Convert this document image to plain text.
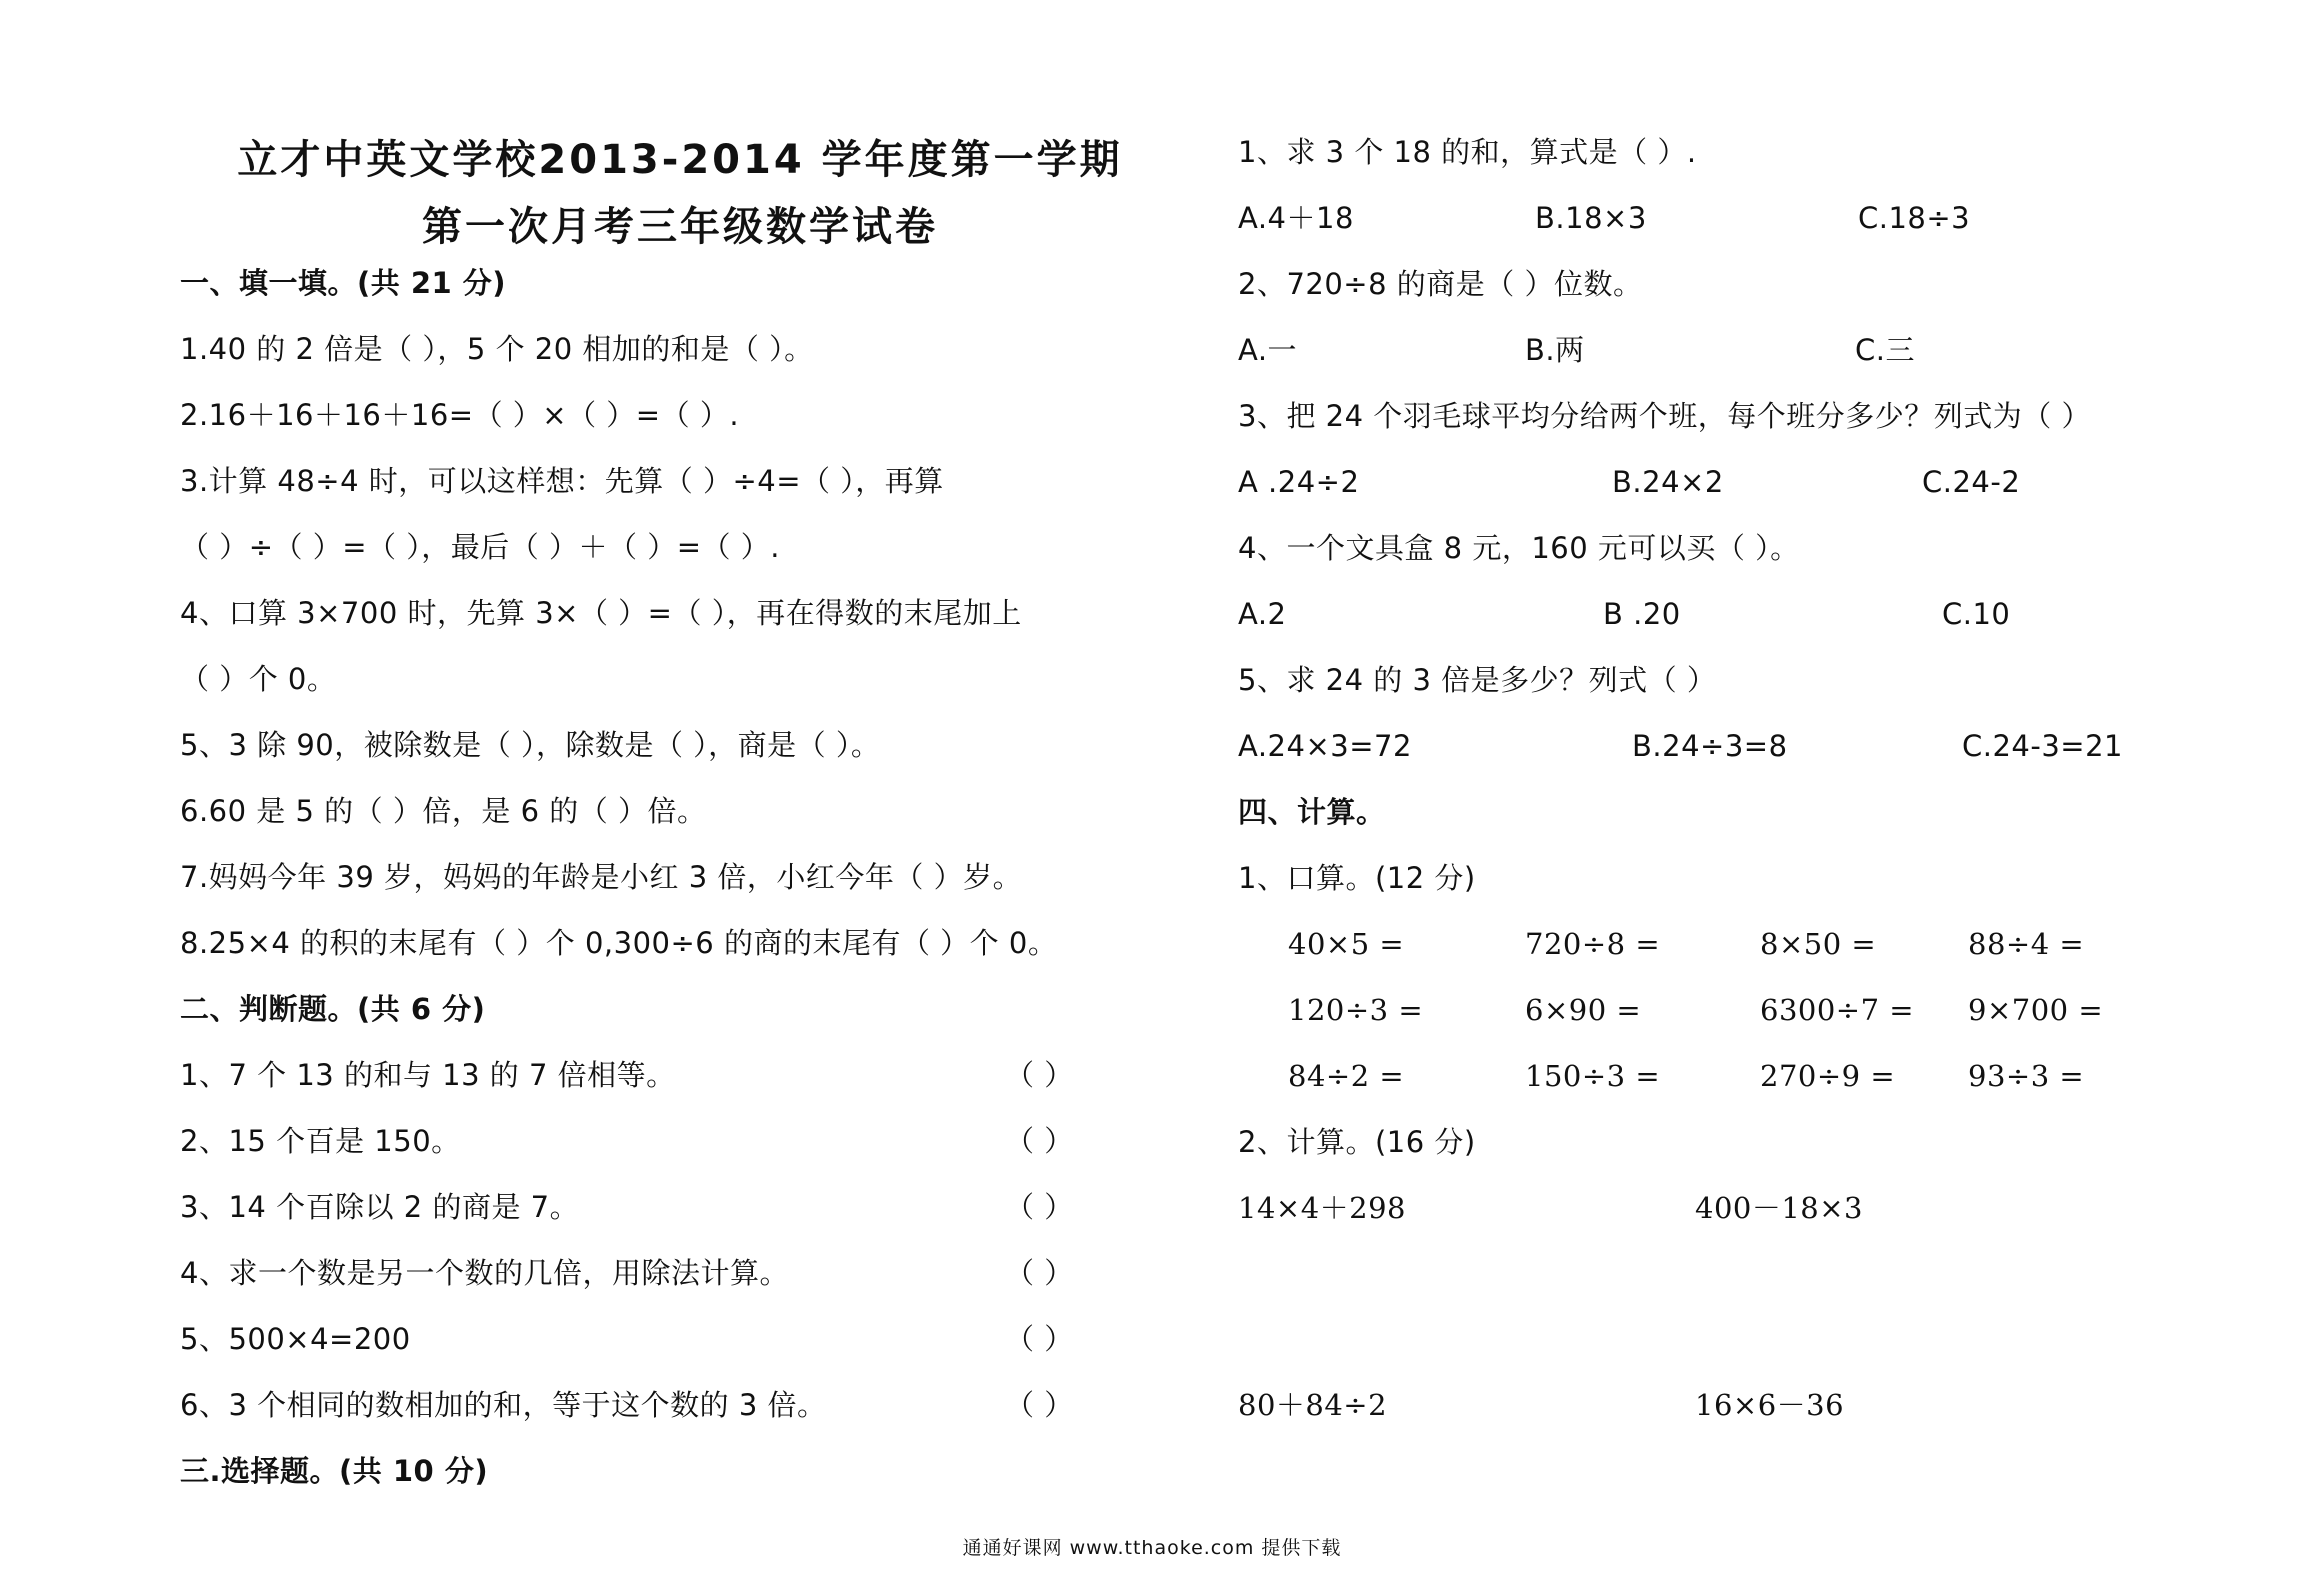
立才中英文学校2013-2014 学年度第一学期
第一次月考三年级数学试卷
一、填一填。(共 21 分)
1.40 的 2 倍是（ ），5 个 20 相加的和是（ ）。
2.16＋16＋16＋16=（ ）×（ ）=（ ）.
3.计算 48÷4 时，可以这样想：先算（ ）÷4=（ ），再算
（ ）÷（ ）=（ ），最后（ ）＋（ ）=（ ）.
4、口算 3×700 时，先算 3×（ ）=（ ），再在得数的末尾加上
（ ）个 0。
5、3 除 90，被除数是（ ），除数是（ ），商是（ ）。
6.60 是 5 的（ ）倍，是 6 的（ ）倍。
7.妈妈今年 39 岁，妈妈的年龄是小红 3 倍，小红今年（ ）岁。
8.25×4 的积的末尾有（ ）个 0,300÷6 的商的末尾有（ ）个 0。
二、判断题。(共 6 分)
1、7 个 13 的和与 13 的 7 倍相等。	（ ）
2、15 个百是 150。	（ ）
3、14 个百除以 2 的商是 7。	（ ）
4、求一个数是另一个数的几倍，用除法计算。	（ ）
5、500×4=200	（ ）
6、3 个相同的数相加的和，等于这个数的 3 倍。	（ ）
三.选择题。(共 10 分)
1、求 3 个 18 的和，算式是（ ）.
A.4＋18	B.18×3	C.18÷3
2、720÷8 的商是（ ）位数。
A.一	B.两	C.三
3、把 24 个羽毛球平均分给两个班，每个班分多少？列式为（ ）
A .24÷2	B.24×2	C.24-2
4、一个文具盒 8 元，160 元可以买（ ）。
A.2	B .20	C.10
5、求 24 的 3 倍是多少？列式（ ）
A.24×3=72	B.24÷3=8	C.24-3=21
四、计算。
1、口算。(12 分)
40×5 =	720÷8 =	8×50 =	88÷4 =
120÷3 =	6×90 =	6300÷7 = 9×700 =
84÷2 =	150÷3 =	270÷9 =	93÷3 =
2、计算。(16 分)
14×4＋298	400－18×3
80＋84÷2	16×6－36
通通好课网 www.tthaoke.com 提供下载
